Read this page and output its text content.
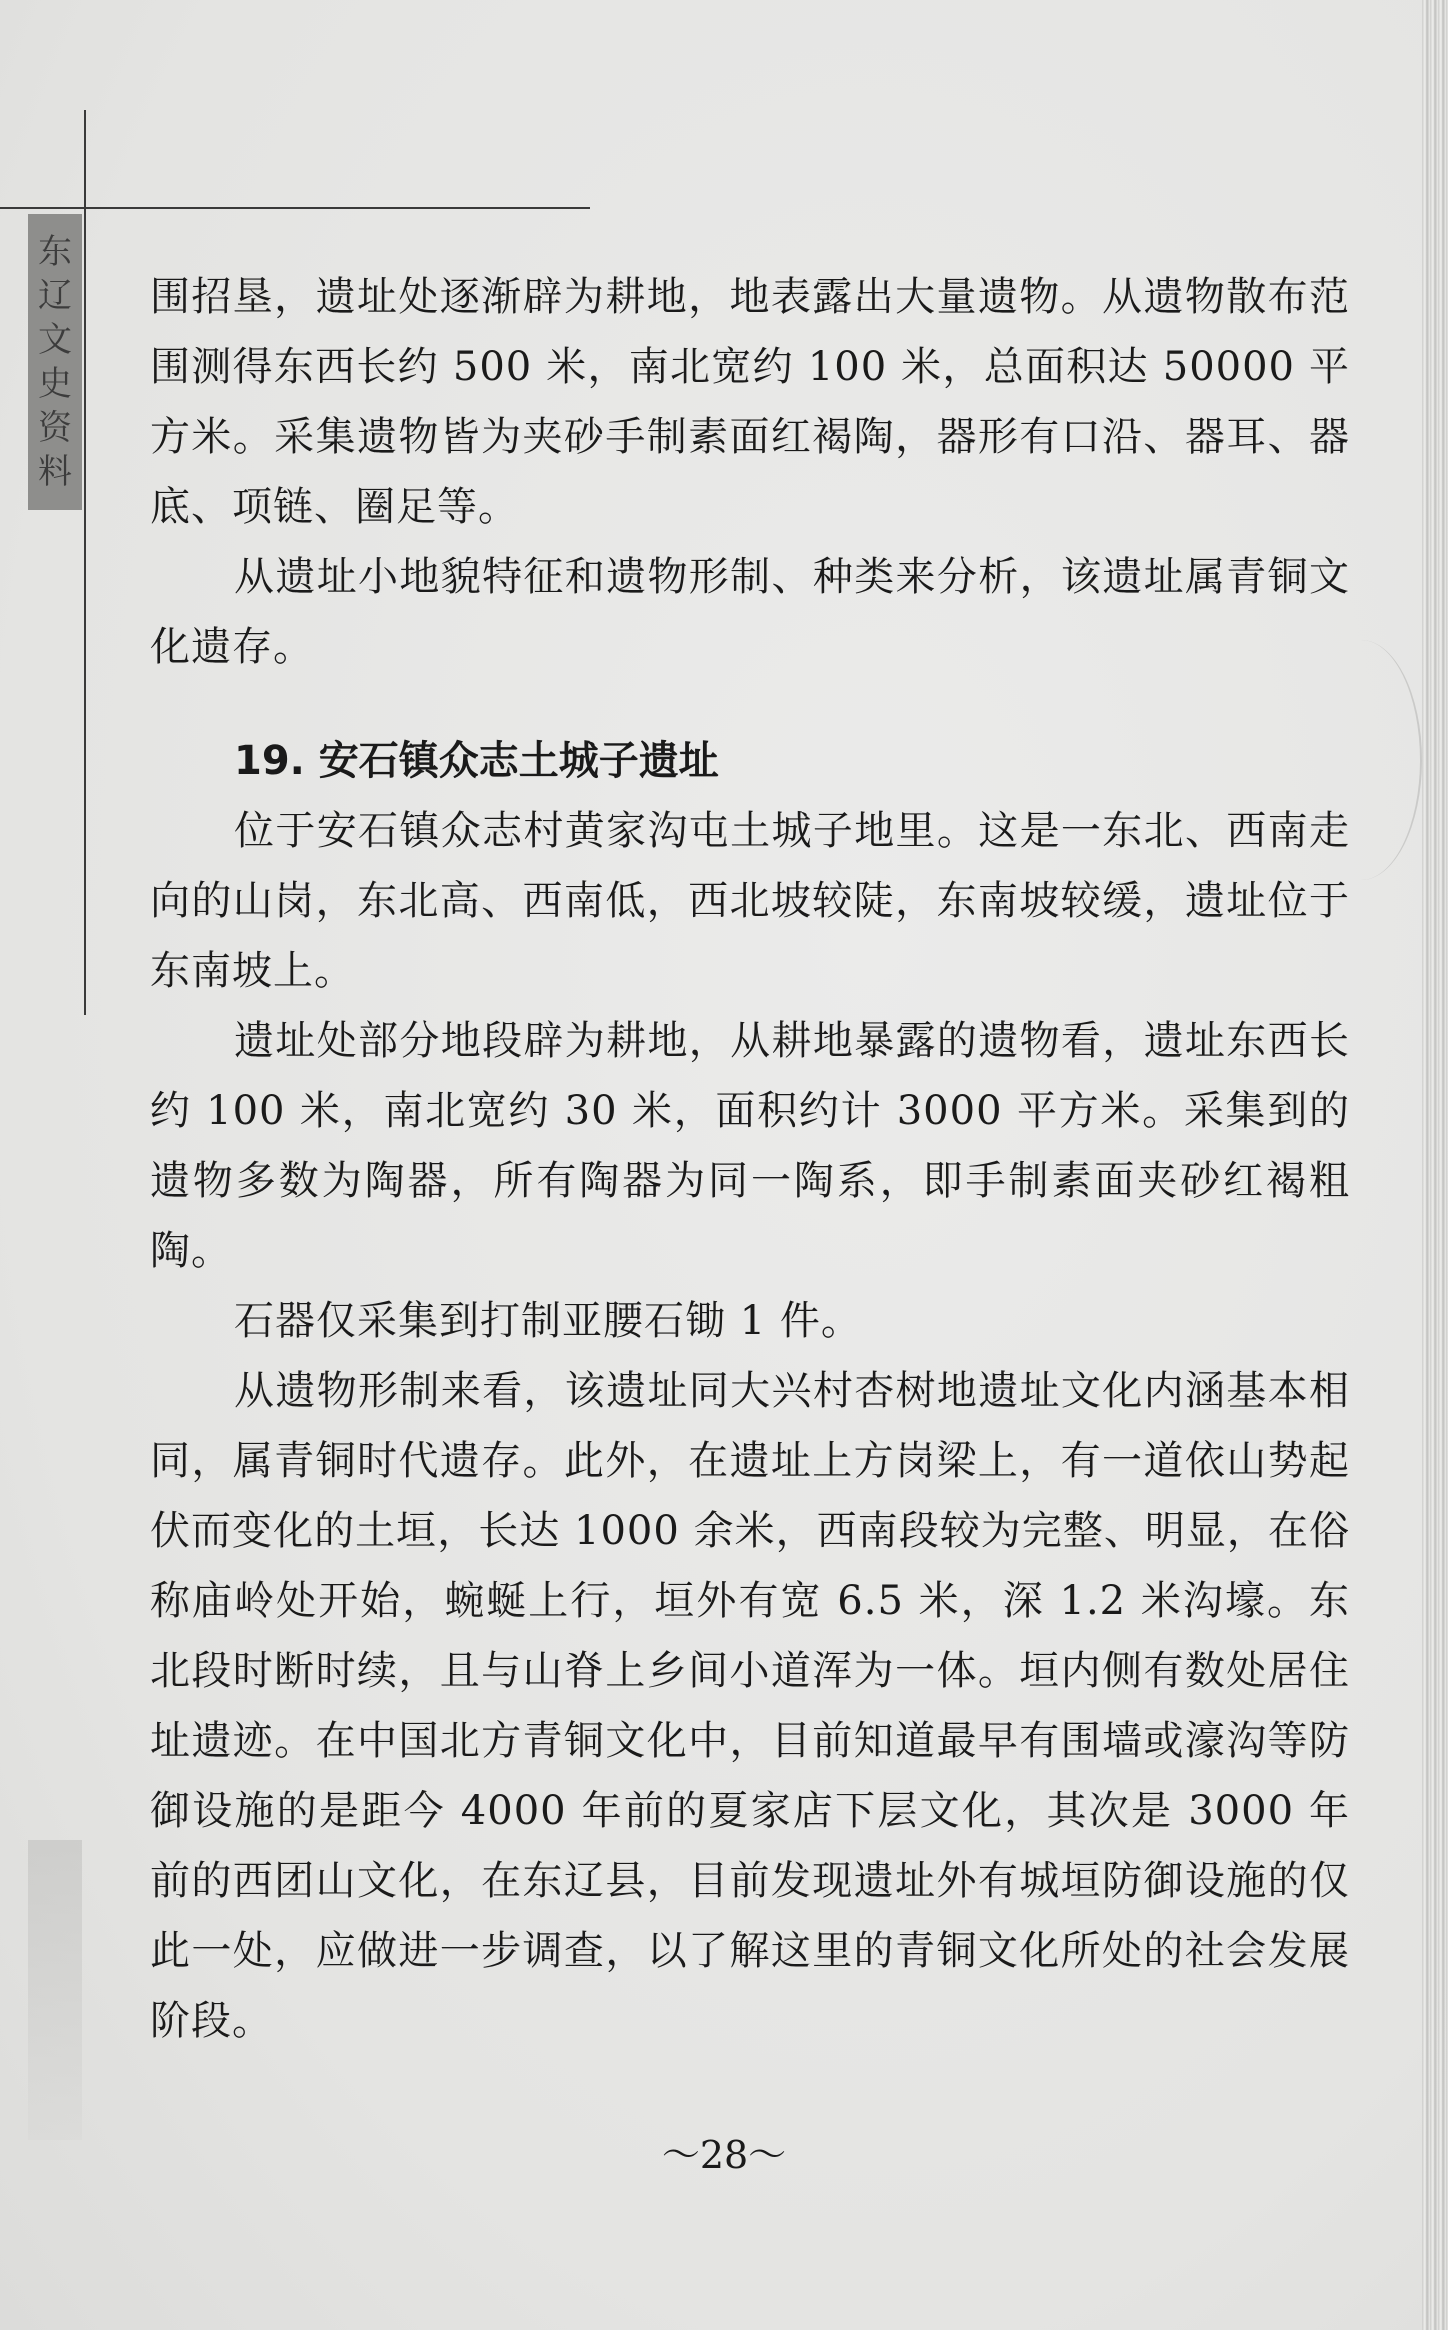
东
辽
文
史
资
料

围招垦，遗址处逐渐辟为耕地，地表露出大量遗物。从遗物散布范围测得东西长约 500 米，南北宽约 100 米，总面积达 50000 平方米。采集遗物皆为夹砂手制素面红褐陶，器形有口沿、器耳、器底、项链、圈足等。

从遗址小地貌特征和遗物形制、种类来分析，该遗址属青铜文化遗存。

19. 安石镇众志土城子遗址

位于安石镇众志村黄家沟屯土城子地里。这是一东北、西南走向的山岗，东北高、西南低，西北坡较陡，东南坡较缓，遗址位于东南坡上。

遗址处部分地段辟为耕地，从耕地暴露的遗物看，遗址东西长约 100 米，南北宽约 30 米，面积约计 3000 平方米。采集到的遗物多数为陶器，所有陶器为同一陶系，即手制素面夹砂红褐粗陶。

石器仅采集到打制亚腰石锄 1 件。

从遗物形制来看，该遗址同大兴村杏树地遗址文化内涵基本相同，属青铜时代遗存。此外，在遗址上方岗梁上，有一道依山势起伏而变化的土垣，长达 1000 余米，西南段较为完整、明显，在俗称庙岭处开始，蜿蜒上行，垣外有宽 6.5 米，深 1.2 米沟壕。东北段时断时续，且与山脊上乡间小道浑为一体。垣内侧有数处居住址遗迹。在中国北方青铜文化中，目前知道最早有围墙或濠沟等防御设施的是距今 4000 年前的夏家店下层文化，其次是 3000 年前的西团山文化，在东辽县，目前发现遗址外有城垣防御设施的仅此一处，应做进一步调查，以了解这里的青铜文化所处的社会发展阶段。

～28～
